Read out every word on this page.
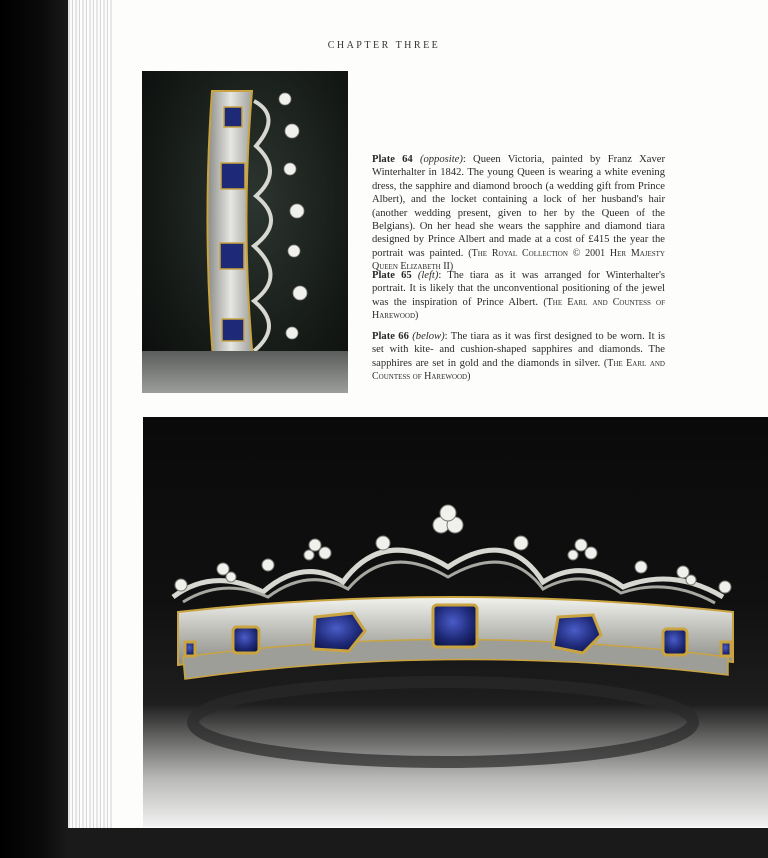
CHAPTER THREE
Plate 64 (opposite): Queen Victoria, painted by Franz Xaver Winterhalter in 1842. The young Queen is wearing a white evening dress, the sapphire and diamond brooch (a wedding gift from Prince Albert), and the locket containing a lock of her husband's hair (another wedding present, given to her by the Queen of the Belgians). On her head she wears the sapphire and diamond tiara designed by Prince Albert and made at a cost of £415 the year the portrait was painted. (The Royal Collection © 2001 Her Majesty Queen Elizabeth II)
Plate 65 (left): The tiara as it was arranged for Winterhalter's portrait. It is likely that the unconventional positioning of the jewel was the inspiration of Prince Albert. (The Earl and Countess of Harewood)
Plate 66 (below): The tiara as it was first designed to be worn. It is set with kite- and cushion-shaped sapphires and diamonds. The sapphires are set in gold and the diamonds in silver. (The Earl and Countess of Harewood)
